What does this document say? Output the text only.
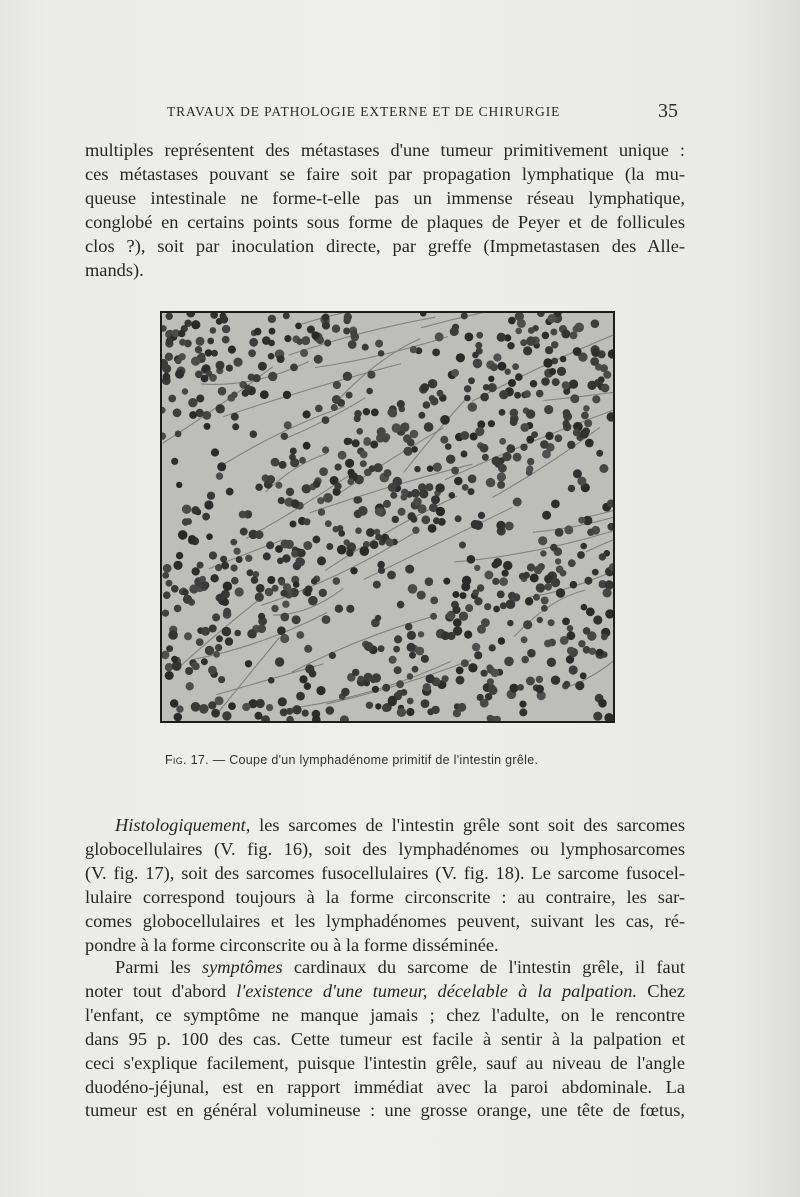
TRAVAUX DE PATHOLOGIE EXTERNE ET DE CHIRURGIE	35
multiples représentent des métastases d'une tumeur primitivement unique :
ces métastases pouvant se faire soit par propagation lymphatique (la mu-
queuse intestinale ne forme-t-elle pas un immense réseau lymphatique,
conglobé en certains points sous forme de plaques de Peyer et de follicules
clos ?), soit par inoculation directe, par greffe (Impmetastasen des Alle-
mands).
Fig. 17. — Coupe d'un lymphadénome primitif de l'intestin grêle.
Histologiquement, les sarcomes de l'intestin grêle sont soit des sarcomes
globocellulaires (V. fig. 16), soit des lymphadénomes ou lymphosarcomes
(V. fig. 17), soit des sarcomes fusocellulaires (V. fig. 18). Le sarcome fusocel-
lulaire correspond toujours à la forme circonscrite : au contraire, les sar-
comes globocellulaires et les lymphadénomes peuvent, suivant les cas, ré-
pondre à la forme circonscrite ou à la forme disséminée.
Parmi les symptômes cardinaux du sarcome de l'intestin grêle, il faut
noter tout d'abord l'existence d'une tumeur, décelable à la palpation. Chez
l'enfant, ce symptôme ne manque jamais ; chez l'adulte, on le rencontre
dans 95 p. 100 des cas. Cette tumeur est facile à sentir à la palpation et
ceci s'explique facilement, puisque l'intestin grêle, sauf au niveau de l'angle
duodéno-jéjunal, est en rapport immédiat avec la paroi abdominale. La
tumeur est en général volumineuse : une grosse orange, une tête de fœtus,
